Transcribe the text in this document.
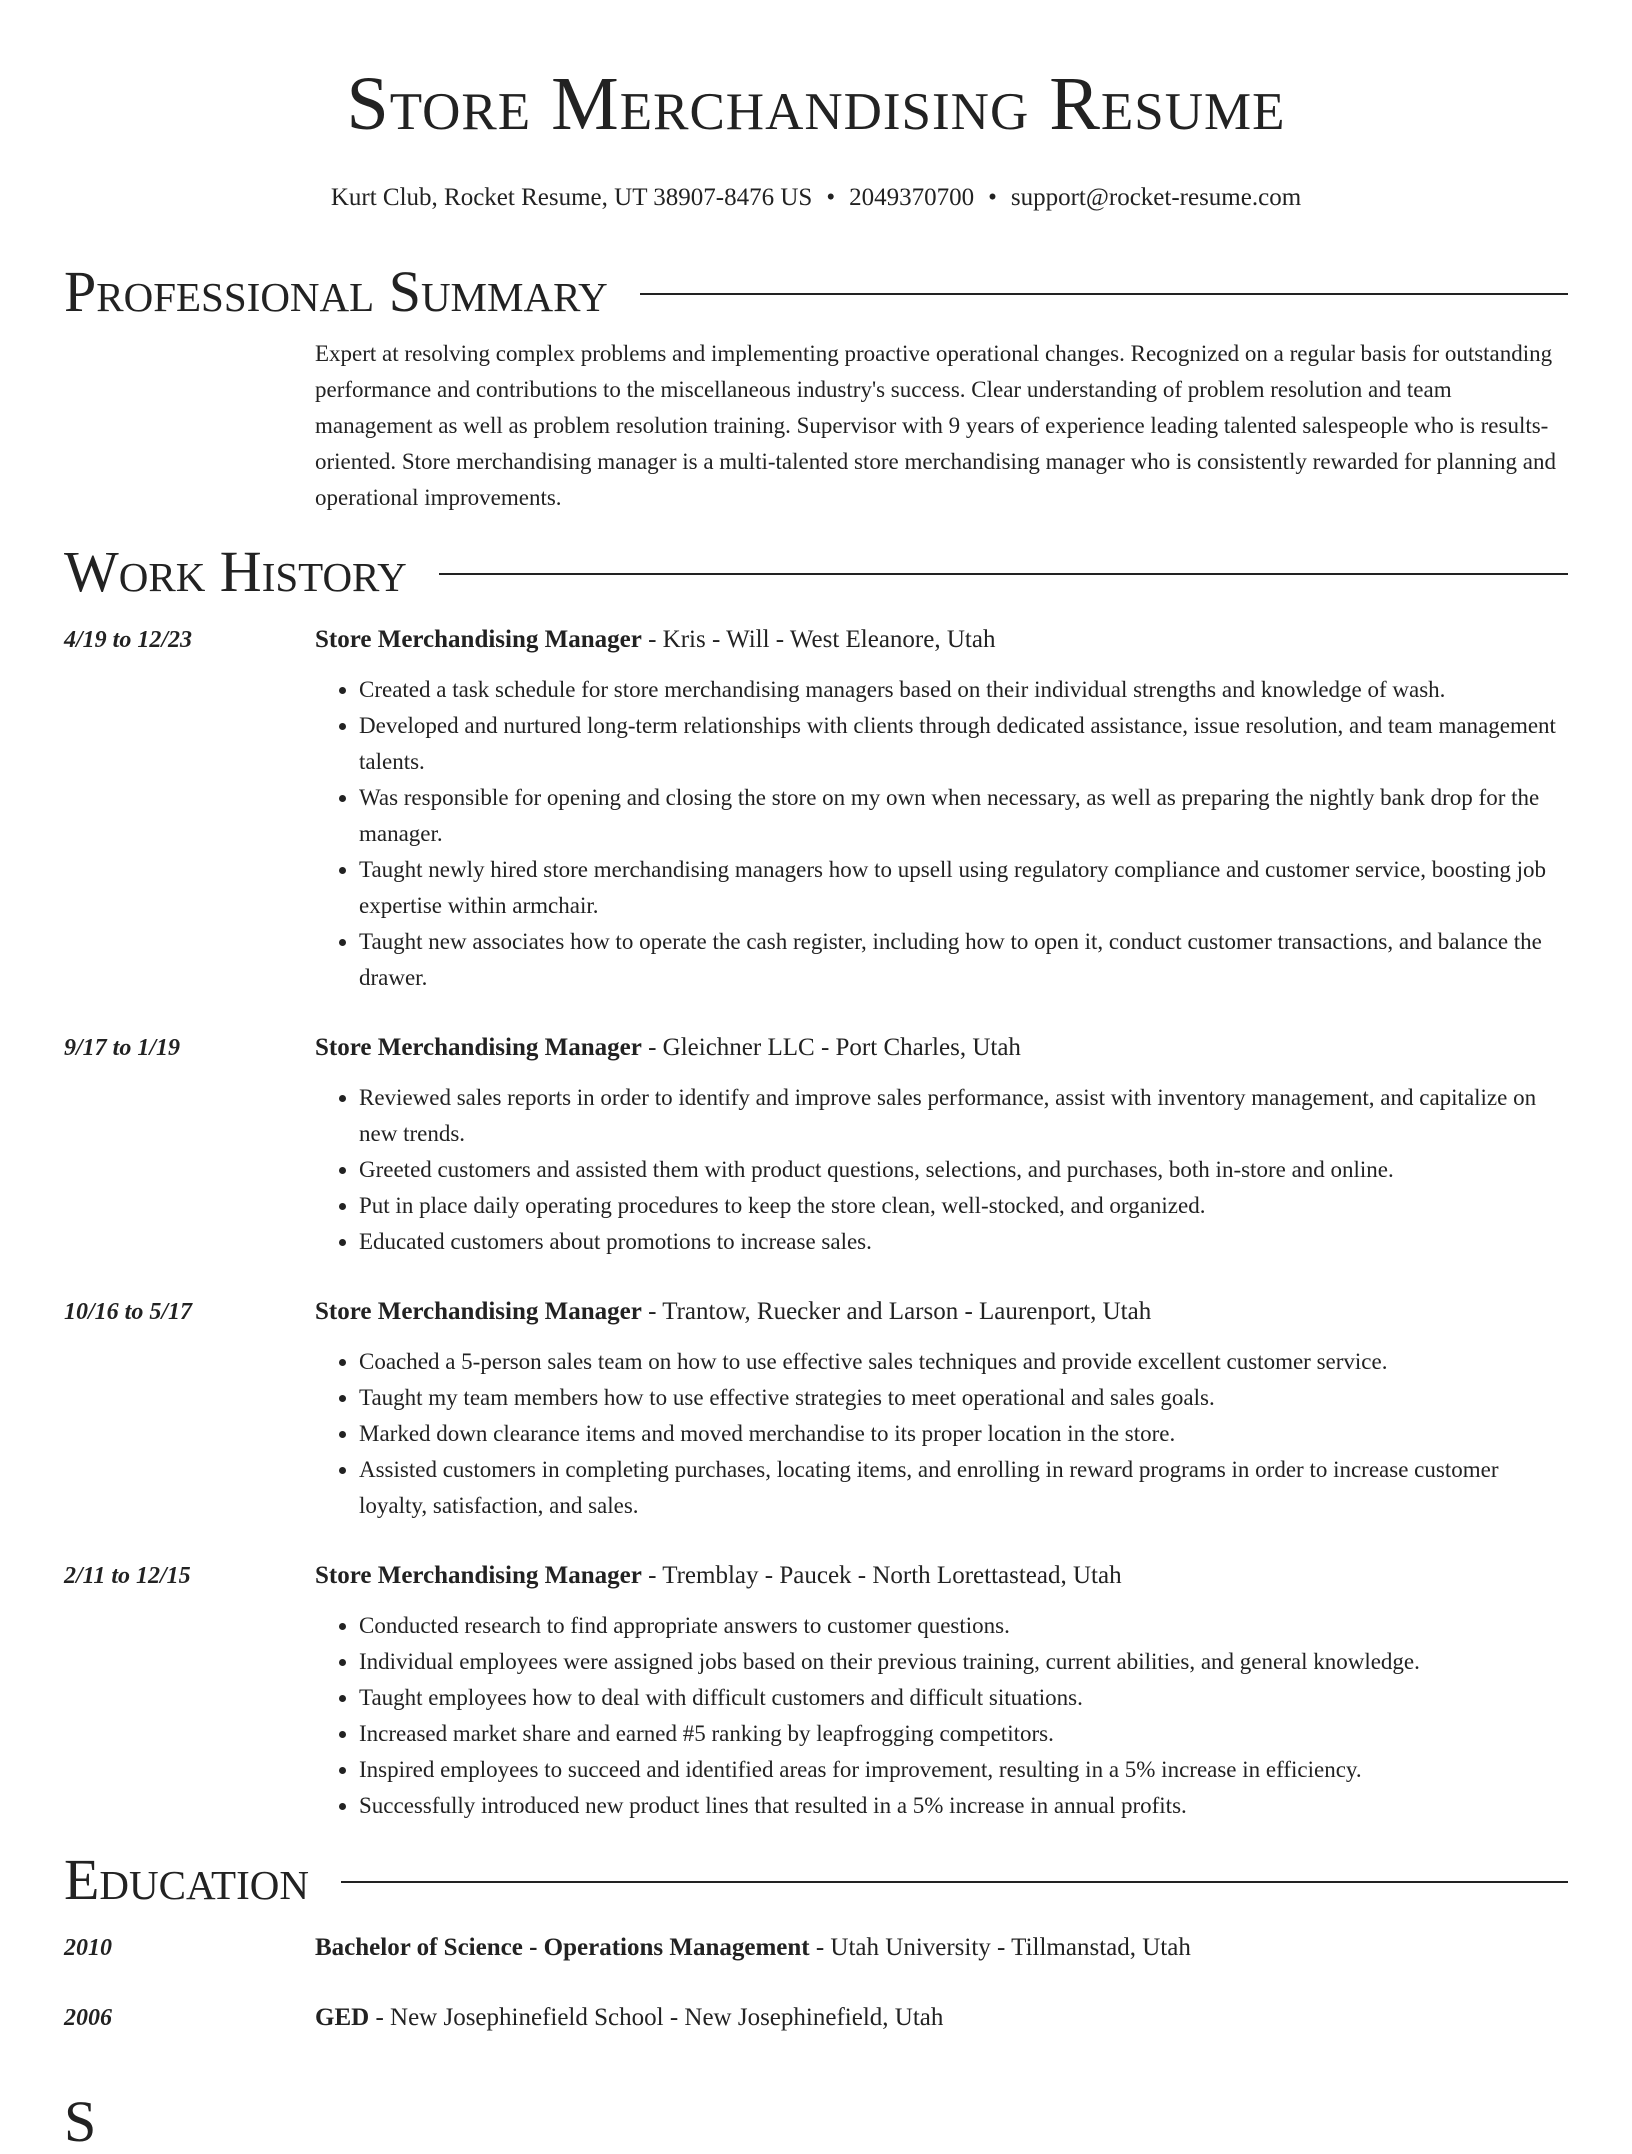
Store Merchandising Resume
Kurt Club, Rocket Resume, UT 38907-8476 US • 2049370700 • support@rocket-resume.com
Professional Summary
Expert at resolving complex problems and implementing proactive operational changes. Recognized on a regular basis for outstanding performance and contributions to the miscellaneous industry's success. Clear understanding of problem resolution and team management as well as problem resolution training. Supervisor with 9 years of experience leading talented salespeople who is results-oriented. Store merchandising manager is a multi-talented store merchandising manager who is consistently rewarded for planning and operational improvements.
Work History
4/19 to 12/23	Store Merchandising Manager - Kris - Will - West Eleanore, Utah
• Created a task schedule for store merchandising managers based on their individual strengths and knowledge of wash.
• Developed and nurtured long-term relationships with clients through dedicated assistance, issue resolution, and team management talents.
• Was responsible for opening and closing the store on my own when necessary, as well as preparing the nightly bank drop for the manager.
• Taught newly hired store merchandising managers how to upsell using regulatory compliance and customer service, boosting job expertise within armchair.
• Taught new associates how to operate the cash register, including how to open it, conduct customer transactions, and balance the drawer.
9/17 to 1/19	Store Merchandising Manager - Gleichner LLC - Port Charles, Utah
• Reviewed sales reports in order to identify and improve sales performance, assist with inventory management, and capitalize on new trends.
• Greeted customers and assisted them with product questions, selections, and purchases, both in-store and online.
• Put in place daily operating procedures to keep the store clean, well-stocked, and organized.
• Educated customers about promotions to increase sales.
10/16 to 5/17	Store Merchandising Manager - Trantow, Ruecker and Larson - Laurenport, Utah
• Coached a 5-person sales team on how to use effective sales techniques and provide excellent customer service.
• Taught my team members how to use effective strategies to meet operational and sales goals.
• Marked down clearance items and moved merchandise to its proper location in the store.
• Assisted customers in completing purchases, locating items, and enrolling in reward programs in order to increase customer loyalty, satisfaction, and sales.
2/11 to 12/15	Store Merchandising Manager - Tremblay - Paucek - North Lorettastead, Utah
• Conducted research to find appropriate answers to customer questions.
• Individual employees were assigned jobs based on their previous training, current abilities, and general knowledge.
• Taught employees how to deal with difficult customers and difficult situations.
• Increased market share and earned #5 ranking by leapfrogging competitors.
• Inspired employees to succeed and identified areas for improvement, resulting in a 5% increase in efficiency.
• Successfully introduced new product lines that resulted in a 5% increase in annual profits.
Education
2010	Bachelor of Science - Operations Management - Utah University - Tillmanstad, Utah
2006	GED - New Josephinefield School - New Josephinefield, Utah
S
